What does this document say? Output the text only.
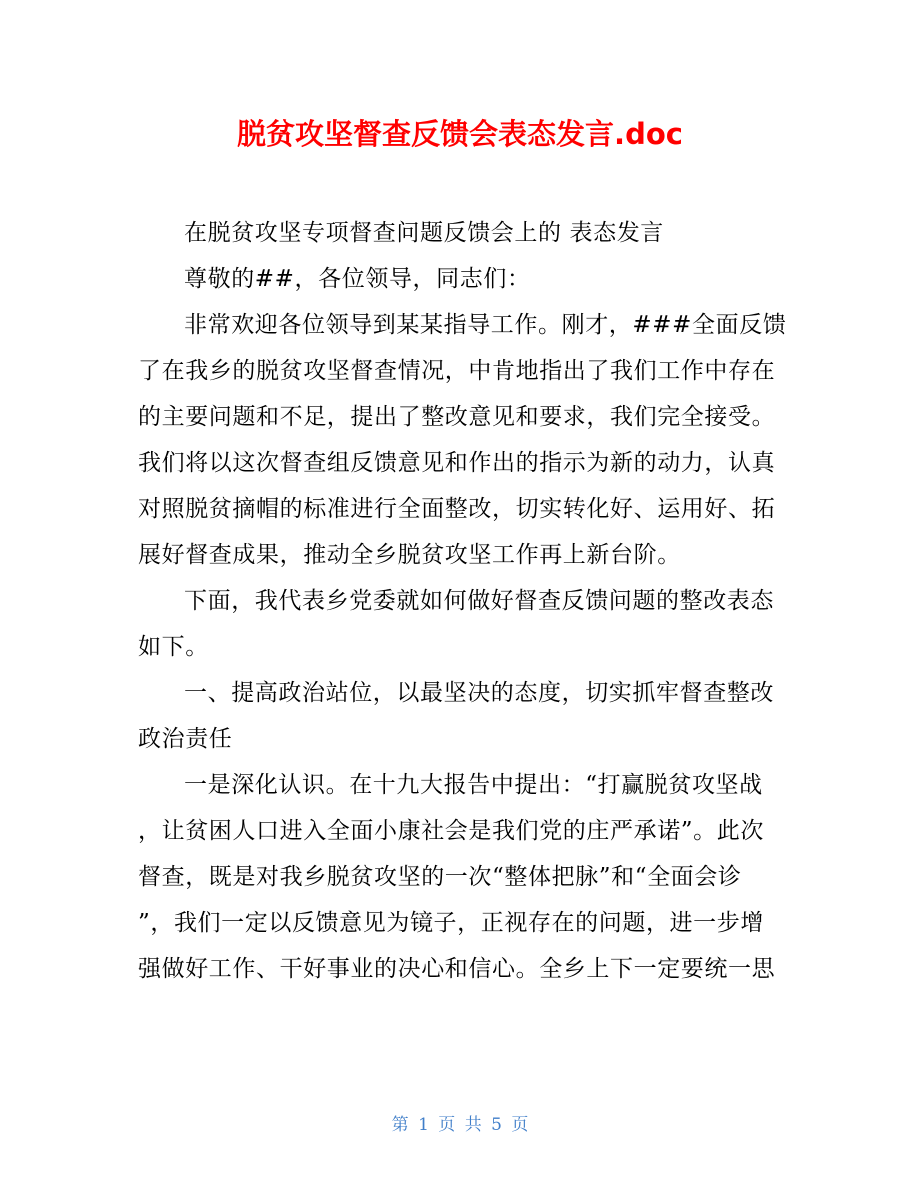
脱贫攻坚督查反馈会表态发言.doc
在脱贫攻坚专项督查问题反馈会上的 表态发言
尊敬的##，各位领导，同志们：
非常欢迎各位领导到某某指导工作。刚才，###全面反馈
了在我乡的脱贫攻坚督查情况，中肯地指出了我们工作中存在
的主要问题和不足，提出了整改意见和要求，我们完全接受。
我们将以这次督查组反馈意见和作出的指示为新的动力，认真
对照脱贫摘帽的标准进行全面整改，切实转化好、运用好、拓
展好督查成果，推动全乡脱贫攻坚工作再上新台阶。
下面，我代表乡党委就如何做好督查反馈问题的整改表态
如下。
一、提高政治站位，以最坚决的态度，切实抓牢督查整改
政治责任
一是深化认识。在十九大报告中提出：“打赢脱贫攻坚战
，让贫困人口进入全面小康社会是我们党的庄严承诺”。此次
督查，既是对我乡脱贫攻坚的一次“整体把脉”和“全面会诊
”，我们一定以反馈意见为镜子，正视存在的问题，进一步增
强做好工作、干好事业的决心和信心。全乡上下一定要统一思
第 1 页 共 5 页
